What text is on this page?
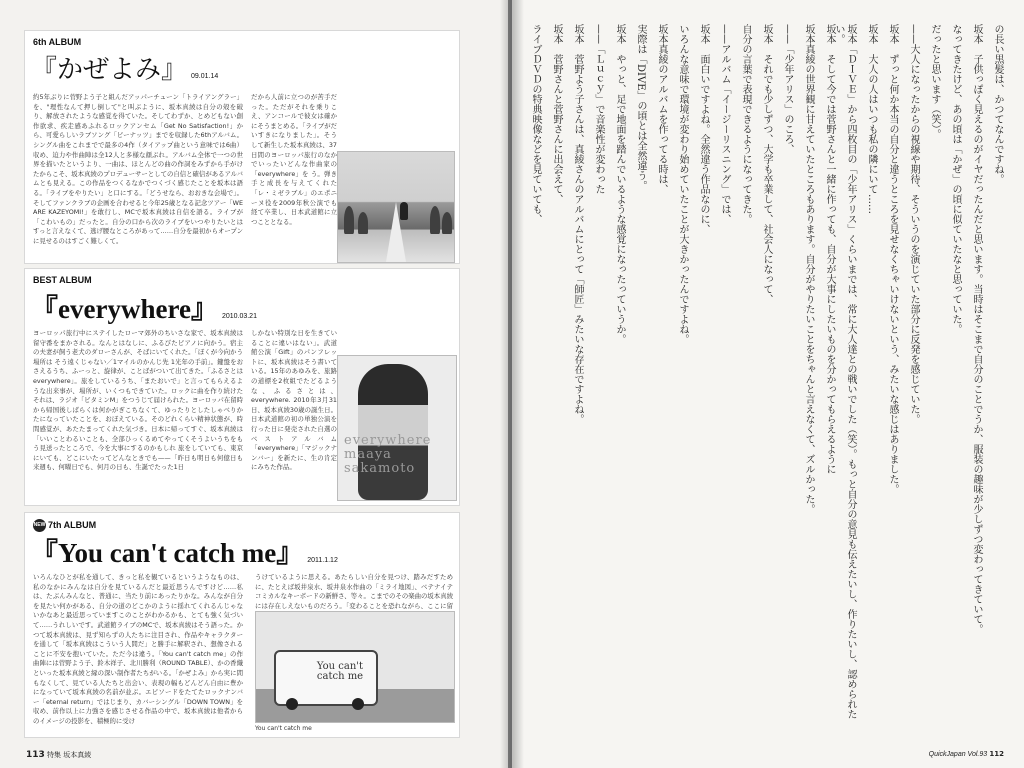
6th ALBUM
『かぜよみ』 09.01.14
約5年ぶりに菅野よう子と組んだアッパーチューン「トライアングラー」を、"理性なんて押し倒して"と叫ぶように、坂本真綾は自分の殻を破り、解放されたような感覚を得ていた。そしてわずか、とめどもない創作欲求、疾走感あふれるロックアンセム「Get No Satisfaction!」から、可愛らしいラブソング「ピーナッツ」までを収録した6thアルバム。シングル曲をこれまでで最多の4作（タイアップ曲という意味では6曲）収め、迫力や作曲陣は全12人と多様な顔ぶれ。アルバム全体で一つの世界を描いたというより、一曲は、ほとんどの曲の作詞をみずから手がけたからこそ、坂本真綾のプロデューサーとしての自信と確信があるアルバムとも見える。この作品をつくるなかでつくづく感じたことを坂本は語る。「ライブをやりたい」と口にする。「どうせなら、おおきな会場で」。そしてファンクラブの企画を合わせると今年25歳となる記念ツアー「WE ARE KAZEYOMI!」を敢行し、MCで坂本真綾は自信を語る。ライブが「こわいもの」だったと。自分の口から次のライブをいつやりたいとはすっと言えなくて、逃げ腰なところがあって……自分を最初からオープンに見せるのはすごく難しくて。
だから人前に立つのが苦手だった。ただがそれを乗りこえ、アンコールで彼女は確かにそうまとめる。「ライブがだいすきになりました」。そうして新生した坂本真綾は、37日間のヨーロッパ旅行のなかでいったいどんな作曲家の「everywhere」を う。弾き手と成長を与えてくれた「レ・ミゼラブル」のエポニーヌ役を2009年秋公演でも経て卒業し、日本武道館に立つこととなる。
BEST ALBUM
『everywhere』 2010.03.21
ヨーロッパ旅行中にステイしたローマ郊外のちいさな家で、坂本真綾は留守番をまかされる。なんとはなしに、ふるびたピアノに向かう。宿主の夫妻が飼う老犬のダローさんが、そばにいてくれた。「ぼくが今向かう場所は そう遠くじゃない／1マイルのかんじ先 1光年の手前」。鍵盤をおさえるうち、ふーっと、旋律が、ことばがついて出てきた。「ふるさとは everywhere」。旅をしているうち、「またおいで」と言ってもらえるような出来事が、場所が、いくつもできていた。ロックに曲を作り続けたそれは、ラジオ「ビタミンM」をつうじて届けられた。ヨーロッパ在留時から帰国後しばらくは何かがぎこちなくて、ゆったりとしたしゃべりかたになっていたことを、おぼえている。そのどれくらい精神状態が、時間感覚が、あたたまってくれた気づき。日本に帰ってすぐ、坂本真綾は「いいことわるいことも、全部ひっくるめてやってくそうよいうちをもう見送ったところで、今を大事にするのかもしれ 旅をしていても、東京にいても、どこにいたってどんなときでも——「昨日も明日も何億日も来週も、何曜日でも、何月の日も、生誕でたった1日
しかない特別な日を生きていることに違いはない」。武道館公演「Gift」のパンフレットに、坂本真綾はそう書いている。15年のあゆみを、旅路の道標を2枚組でたどるような、ふるさとは、everywhere. 2010年3月31日、坂本真綾30歳の誕生日。日本武道館の初の単独公演を行った日に発売された自選のベストアルバム「everywhere」「マジックナンバー」を新たに、生の肯定にみちた作品。
everywhere maaya sakamoto
NEW 7th ALBUM
『You can't catch me』 2011.1.12
いろんなひとが私を通して、きっと私を観ているというようなものは、私のなかにみんなは自分を見ているんだと最近思うんですけど……私は、たぶんみんなと、普通に、当たり前にあったりかな。みんなが自分を見たい何かがある、自分の道のどこかのように揺れてくれるんじゃないかなあと最近思っていますこのことがわかるかも、とても強く気づいて……うれしいです。武道館ライブのMCで、坂本真綾はそう語った。かつて坂本真綾は、見ず知らずの人たちに注目され、作品やキャラクターを通して「坂本真綾はこういう人間だ」と勝手に解釈され、想像されることに不安を抱いていた。ただ今は違う。「You can't catch me」の作曲陣には菅野よう子、鈴木祥子、北川勝利（ROUND TABLE）、かの香織といった坂本真綾と縁の深い制作者たちがいる。「かぜよみ」から実に間もなくして、見ている人たちと出会い、表現の幅もどんどん自由に豊かになっていて坂本真綾の名前が並ぶ。エピソードをたてたロックナンバー「eternal return」ではじまり、カバーシングル「DOWN TOWN」を収め、前作以上に力強さを感じさせる作品の中で、坂本真綾は他者からのイメージの投影を、積極的に受け
うけているように思える。あたらしい自分を見つけ、踏みだすために、たとえば坂井泉水、坂井泉水作曲の「ミライ地図」、ベテナイテコミカルなキーボードの新鮮さ、等々。こまでのその楽曲の坂本真綾には存在しえないものだろう。「変わることを恐れながら、ここに留
You can't catch me
You can't catch me
113 特集 坂本真綾
の長い黒髪は、かつてなんですね。
坂本　子供っぽく見えるのがイヤだったんだと思います。当時はそこまで自分のことでうか、服装の趣味が少しずつ変わってきていて。
なってきたけど、あの頃は「かぜ」の頃に似ていたなと思っていた。
だったと思います（笑）。
——大人になったからの視線や期待、そういうのを演じていた部分に反発を感じていた。
坂本　ずっと何か本当の自分と違うところを見せなくちゃいけないという、みたいな感じはありました。
坂本　大人の人はいつも私の隣にいて……
坂本「ＤＩＶＥ」から四枚目の「少年アリス」くらいまでは、常に大人達との戦いでした（笑）。もっと自分の意見も伝えたいし、作りたいし、認められたい。
坂本　そして今では菅野さんと一緒に作っても、自分が大事にしたいものを分かってもらえるように
坂本真綾の世界観に甘えていたところもあります。自分がやりたいことをちゃんと言えなくて、ズルかった。
——「少年アリス」のころ、
坂本　それでも少しずつ、大学も卒業して、社会人になって、
自分の言葉で表現できるようになってきた。
——アルバム「イージーリスニング」では、
坂本　面白いですよね。全然違う作品なのに、
いろんな意味で環境が変わり始めていたことが大きかったんですよね。
坂本真綾のアルバムを作ってる時は、
実際は「DIVE」の頃とは全然違う。
坂本　やっと、足で地面を踏んでいるような感覚になったっていうか。
——「Ｌｕｃｙ」で音楽性が変わった
坂本　菅野よう子さんは、真綾さんのアルバムにとって「師匠」みたいな存在ですよね。
坂本　菅野さんと菅野さんに出会えて、
ライブＤＶＤの特典映像などを見ていても、
QuickJapan Vol.93 112
